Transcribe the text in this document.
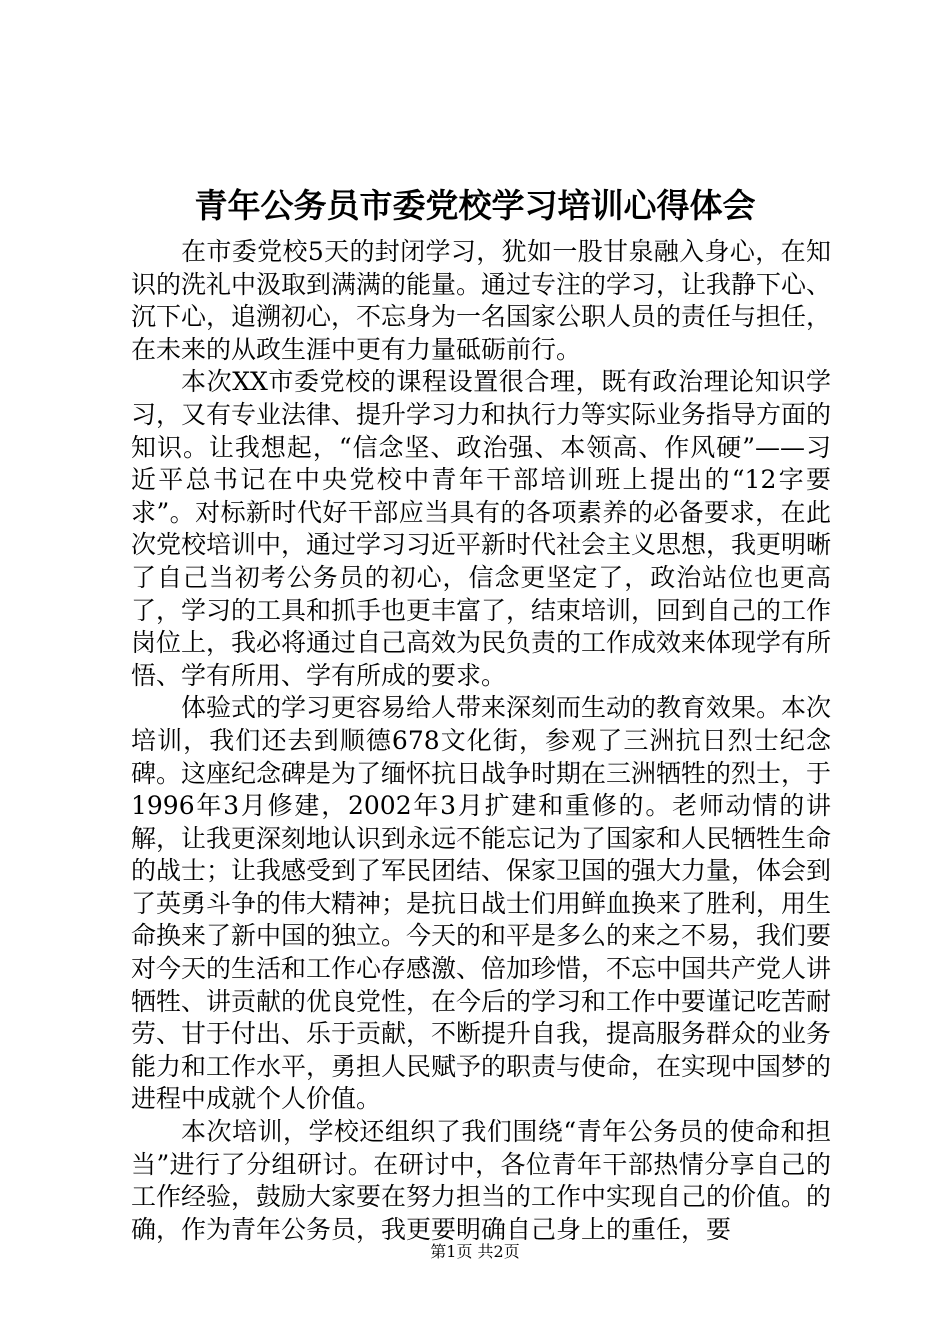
青年公务员市委党校学习培训心得体会

在市委党校5天的封闭学习，犹如一股甘泉融入身心，在知识的洗礼中汲取到满满的能量。通过专注的学习，让我静下心、沉下心，追溯初心，不忘身为一名国家公职人员的责任与担任，在未来的从政生涯中更有力量砥砺前行。

本次XX市委党校的课程设置很合理，既有政治理论知识学习，又有专业法律、提升学习力和执行力等实际业务指导方面的知识。让我想起，“信念坚、政治强、本领高、作风硬”——习近平总书记在中央党校中青年干部培训班上提出的“12字要求”。对标新时代好干部应当具有的各项素养的必备要求，在此次党校培训中，通过学习习近平新时代社会主义思想，我更明晰了自己当初考公务员的初心，信念更坚定了，政治站位也更高了，学习的工具和抓手也更丰富了，结束培训，回到自己的工作岗位上，我必将通过自己高效为民负责的工作成效来体现学有所悟、学有所用、学有所成的要求。

体验式的学习更容易给人带来深刻而生动的教育效果。本次培训，我们还去到顺德678文化街，参观了三洲抗日烈士纪念碑。这座纪念碑是为了缅怀抗日战争时期在三洲牺牲的烈士，于1996年3月修建，2002年3月扩建和重修的。老师动情的讲解，让我更深刻地认识到永远不能忘记为了国家和人民牺牲生命的战士；让我感受到了军民团结、保家卫国的强大力量，体会到了英勇斗争的伟大精神；是抗日战士们用鲜血换来了胜利，用生命换来了新中国的独立。今天的和平是多么的来之不易，我们要对今天的生活和工作心存感激、倍加珍惜，不忘中国共产党人讲牺牲、讲贡献的优良党性，在今后的学习和工作中要谨记吃苦耐劳、甘于付出、乐于贡献，不断提升自我，提高服务群众的业务能力和工作水平，勇担人民赋予的职责与使命，在实现中国梦的进程中成就个人价值。

本次培训，学校还组织了我们围绕“青年公务员的使命和担当”进行了分组研讨。在研讨中，各位青年干部热情分享自己的工作经验，鼓励大家要在努力担当的工作中实现自己的价值。的确，作为青年公务员，我更要明确自己身上的重任，要

第1页 共2页
